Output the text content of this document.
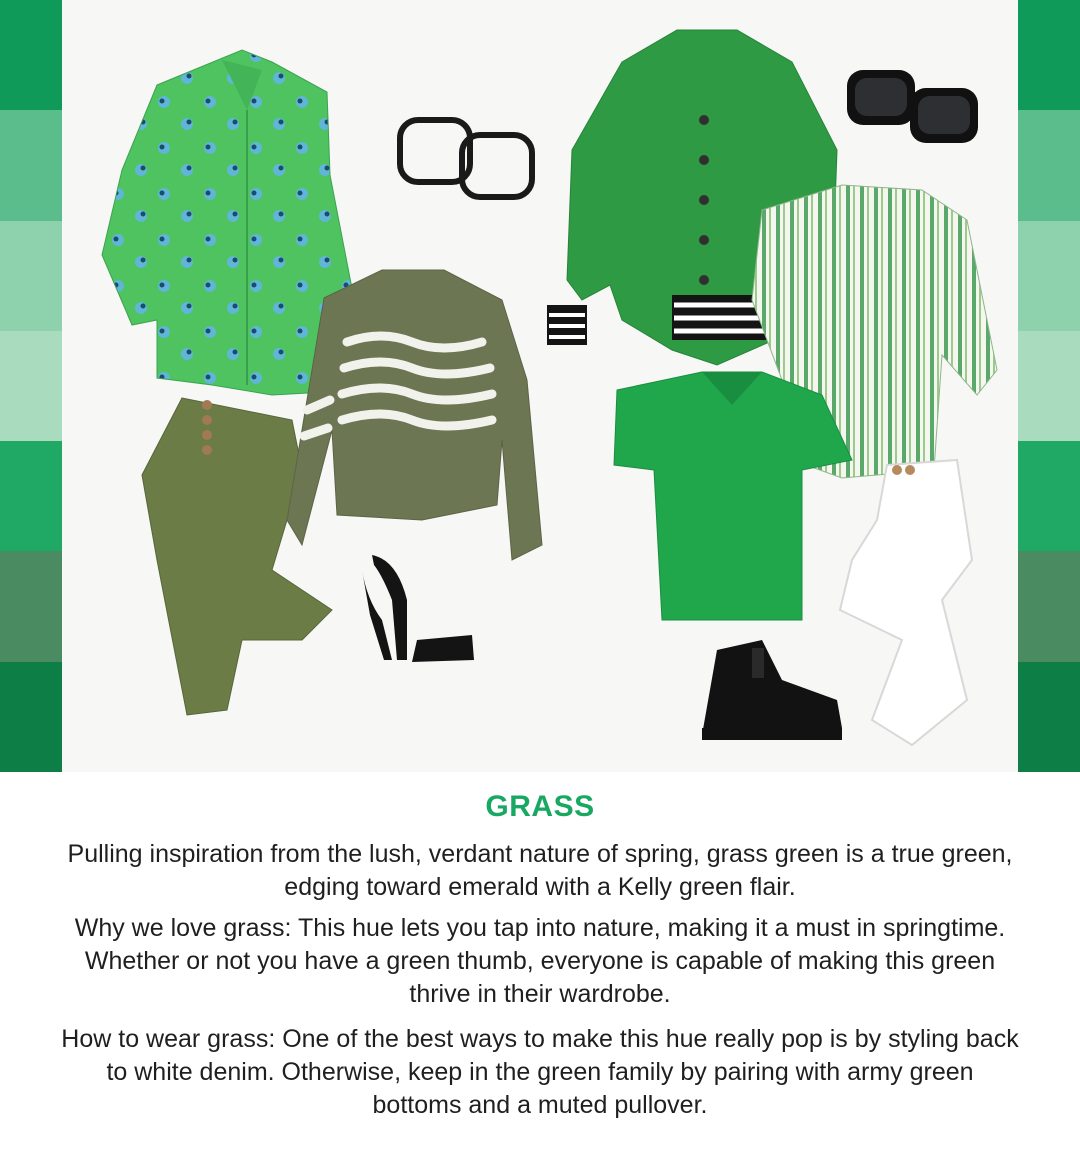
GRASS

Pulling inspiration from the lush, verdant nature of spring, grass green is a true green, edging toward emerald with a Kelly green flair.

Why we love grass: This hue lets you tap into nature, making it a must in springtime. Whether or not you have a green thumb, everyone is capable of making this green thrive in their wardrobe.

How to wear grass: One of the best ways to make this hue really pop is by styling back to white denim. Otherwise, keep in the green family by pairing with army green bottoms and a muted pullover.
